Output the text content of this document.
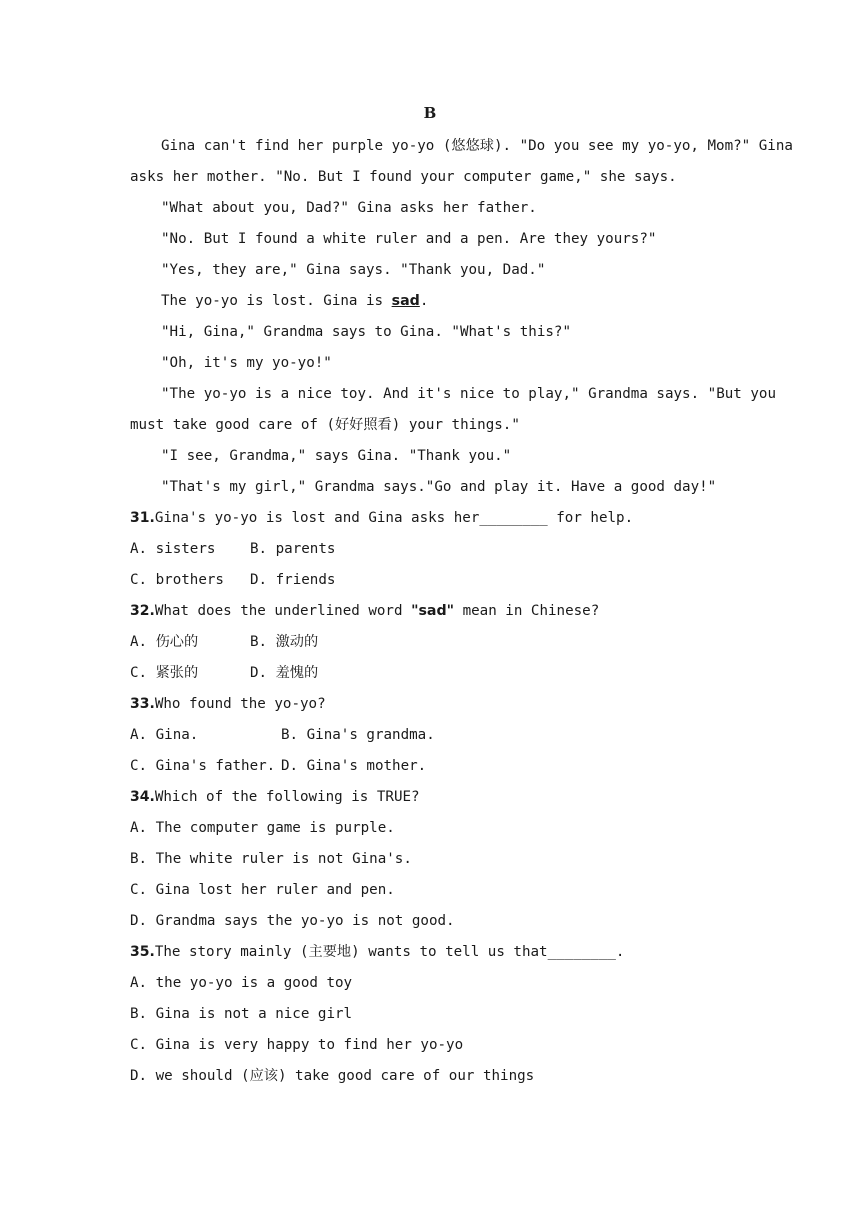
B
Gina can't find her purple yo-yo (悠悠球). "Do you see my yo-yo, Mom?" Gina
asks her mother. "No. But I found your computer game," she says.
"What about you, Dad?" Gina asks her father.
"No. But I found a white ruler and a pen. Are they yours?"
"Yes, they are," Gina says. "Thank you, Dad."
The yo-yo is lost. Gina is sad.
"Hi, Gina," Grandma says to Gina. "What's this?"
"Oh, it's my yo-yo!"
"The yo-yo is a nice toy. And it's nice to play," Grandma says. "But you
must take good care of (好好照看) your things."
"I see, Grandma," says Gina. "Thank you."
"That's my girl," Grandma says."Go and play it. Have a good day!"
31.Gina's yo-yo is lost and Gina asks her________ for help.
A. sisters B. parents
C. brothers D. friends
32.What does the underlined word "sad" mean in Chinese?
A. 伤心的	B. 激动的
C. 紧张的	D. 羞愧的
33.Who found the yo-yo?
A. Gina.	B. Gina's grandma.
C. Gina's father. D. Gina's mother.
34.Which of the following is TRUE?
A. The computer game is purple.
B. The white ruler is not Gina's.
C. Gina lost her ruler and pen.
D. Grandma says the yo-yo is not good.
35.The story mainly (主要地) wants to tell us that________.
A. the yo-yo is a good toy
B. Gina is not a nice girl
C. Gina is very happy to find her yo-yo
D. we should (应该) take good care of our things
